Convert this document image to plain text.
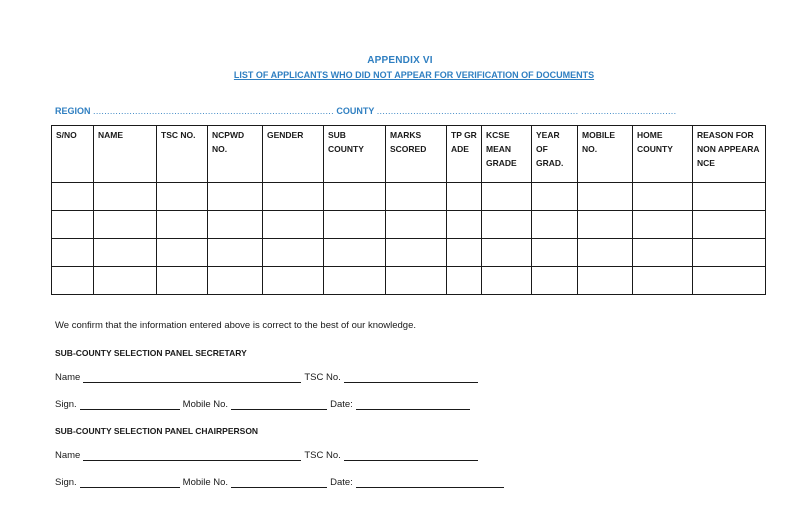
APPENDIX VI
LIST OF APPLICANTS WHO DID NOT APPEAR FOR VERIFICATION OF DOCUMENTS
REGION ...................................................................................... COUNTY ........................................................................ ..................................
S/NO	NAME	TSC NO.	NCPWD NO.	GENDER	SUB COUNTY	MARKS SCORED	TP GRADE	KCSE MEAN GRADE	YEAR OF GRAD.	MOBILE NO.	HOME COUNTY	REASON FOR NON APPEARANCE

We confirm that the information entered above is correct to the best of our knowledge.
SUB-COUNTY SELECTION PANEL SECRETARY
Name	TSC No.
Sign.	Mobile No.	Date:
SUB-COUNTY SELECTION PANEL CHAIRPERSON
Name	TSC No.
Sign.	Mobile No.	Date:
